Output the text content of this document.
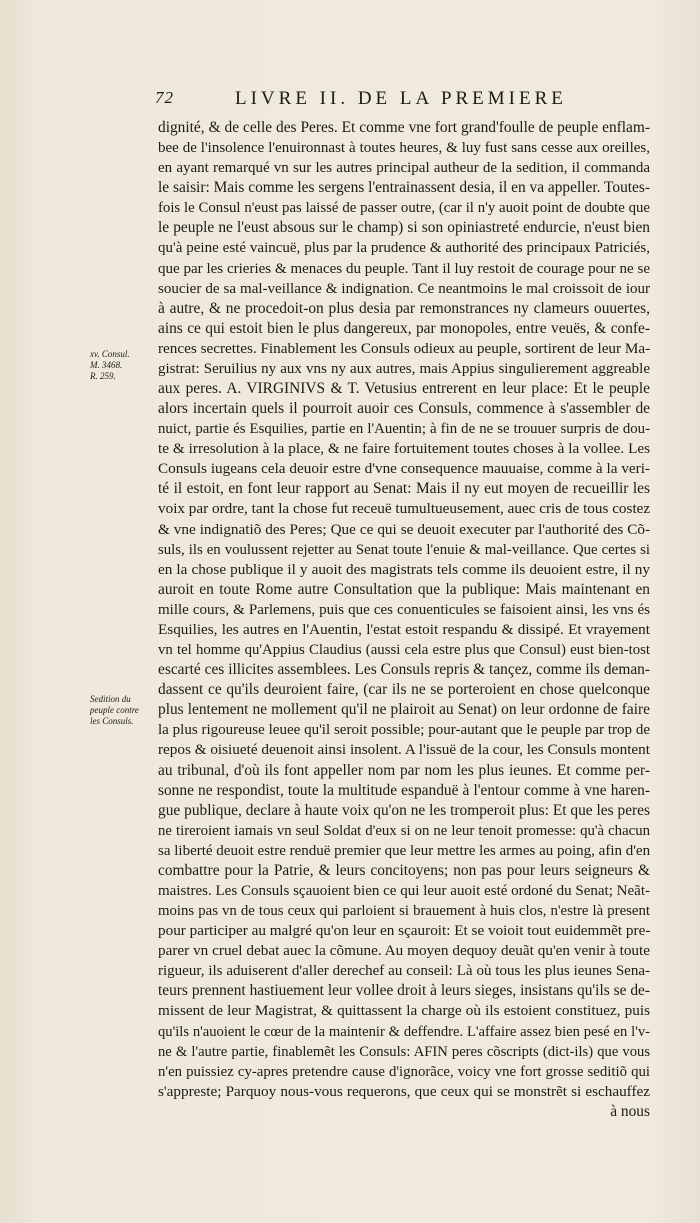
72	LIVRE II. DE LA PREMIERE
xv. Consul.
M. 3468.
R. 259.
Sedition du
peuple contre
les Consuls.
dignité, & de celle des Peres. Et comme vne fort grand'foulle de peuple enflam-
bee de l'insolence l'enuironnast à toutes heures, & luy fust sans cesse aux oreilles,
en ayant remarqué vn sur les autres principal autheur de la sedition, il commanda
le saisir: Mais comme les sergens l'entrainassent desia, il en va appeller. Toutes-
fois le Consul n'eust pas laissé de passer outre, (car il n'y auoit point de doubte que
le peuple ne l'eust absous sur le champ) si son opiniastreté endurcie, n'eust bien
qu'à peine esté vaincuë, plus par la prudence & authorité des principaux Patriciés,
que par les crieries & menaces du peuple. Tant il luy restoit de courage pour ne se
soucier de sa mal-veillance & indignation. Ce neantmoins le mal croissoit de iour
à autre, & ne procedoit-on plus desia par remonstrances ny clameurs ouuertes,
ains ce qui estoit bien le plus dangereux, par monopoles, entre veuës, & confe-
rences secrettes. Finablement les Consuls odieux au peuple, sortirent de leur Ma-
gistrat: Seruilius ny aux vns ny aux autres, mais Appius singulierement aggreable
aux peres. A. VIRGINIVS & T. Vetusius entrerent en leur place: Et le peuple
alors incertain quels il pourroit auoir ces Consuls, commence à s'assembler de
nuict, partie és Esquilies, partie en l'Auentin; à fin de ne se trouuer surpris de dou-
te & irresolution à la place, & ne faire fortuitement toutes choses à la vollee. Les
Consuls iugeans cela deuoir estre d'vne consequence mauuaise, comme à la veri-
té il estoit, en font leur rapport au Senat: Mais il ny eut moyen de recueillir les
voix par ordre, tant la chose fut receuë tumultueusement, auec cris de tous costez
& vne indignatiõ des Peres; Que ce qui se deuoit executer par l'authorité des Cõ-
suls, ils en voulussent rejetter au Senat toute l'enuie & mal-veillance. Que certes si
en la chose publique il y auoit des magistrats tels comme ils deuoient estre, il ny
auroit en toute Rome autre Consultation que la publique: Mais maintenant en
mille cours, & Parlemens, puis que ces conuenticules se faisoient ainsi, les vns és
Esquilies, les autres en l'Auentin, l'estat estoit respandu & dissipé. Et vrayement
vn tel homme qu'Appius Claudius (aussi cela estre plus que Consul) eust bien-tost
escarté ces illicites assemblees. Les Consuls repris & tançez, comme ils deman-
dassent ce qu'ils deuroient faire, (car ils ne se porteroient en chose quelconque
plus lentement ne mollement qu'il ne plairoit au Senat) on leur ordonne de faire
la plus rigoureuse leuee qu'il seroit possible; pour-autant que le peuple par trop de
repos & oisiueté deuenoit ainsi insolent. A l'issuë de la cour, les Consuls montent
au tribunal, d'où ils font appeller nom par nom les plus ieunes. Et comme per-
sonne ne respondist, toute la multitude espanduë à l'entour comme à vne haren-
gue publique, declare à haute voix qu'on ne les tromperoit plus: Et que les peres
ne tireroient iamais vn seul Soldat d'eux si on ne leur tenoit promesse: qu'à chacun
sa liberté deuoit estre renduë premier que leur mettre les armes au poing, afin d'en
combattre pour la Patrie, & leurs concitoyens; non pas pour leurs seigneurs &
maistres. Les Consuls sçauoient bien ce qui leur auoit esté ordoné du Senat; Neãt-
moins pas vn de tous ceux qui parloient si brauement à huis clos, n'estre là present
pour participer au malgré qu'on leur en sçauroit: Et se voioit tout euidemmẽt pre-
parer vn cruel debat auec la cõmune. Au moyen dequoy deuãt qu'en venir à toute
rigueur, ils aduiserent d'aller derechef au conseil: Là où tous les plus ieunes Sena-
teurs prennent hastiuement leur vollee droit à leurs sieges, insistans qu'ils se de-
missent de leur Magistrat, & quittassent la charge où ils estoient constituez, puis
qu'ils n'auoient le cœur de la maintenir & deffendre. L'affaire assez bien pesé en l'v-
ne & l'autre partie, finablemẽt les Consuls: AFIN peres cõscripts (dict-ils) que vous
n'en puissiez cy-apres pretendre cause d'ignorãce, voicy vne fort grosse seditiõ qui
s'apprestе; Parquoy nous-vous requerons, que ceux qui se monstrẽt si eschauffez
à nous
